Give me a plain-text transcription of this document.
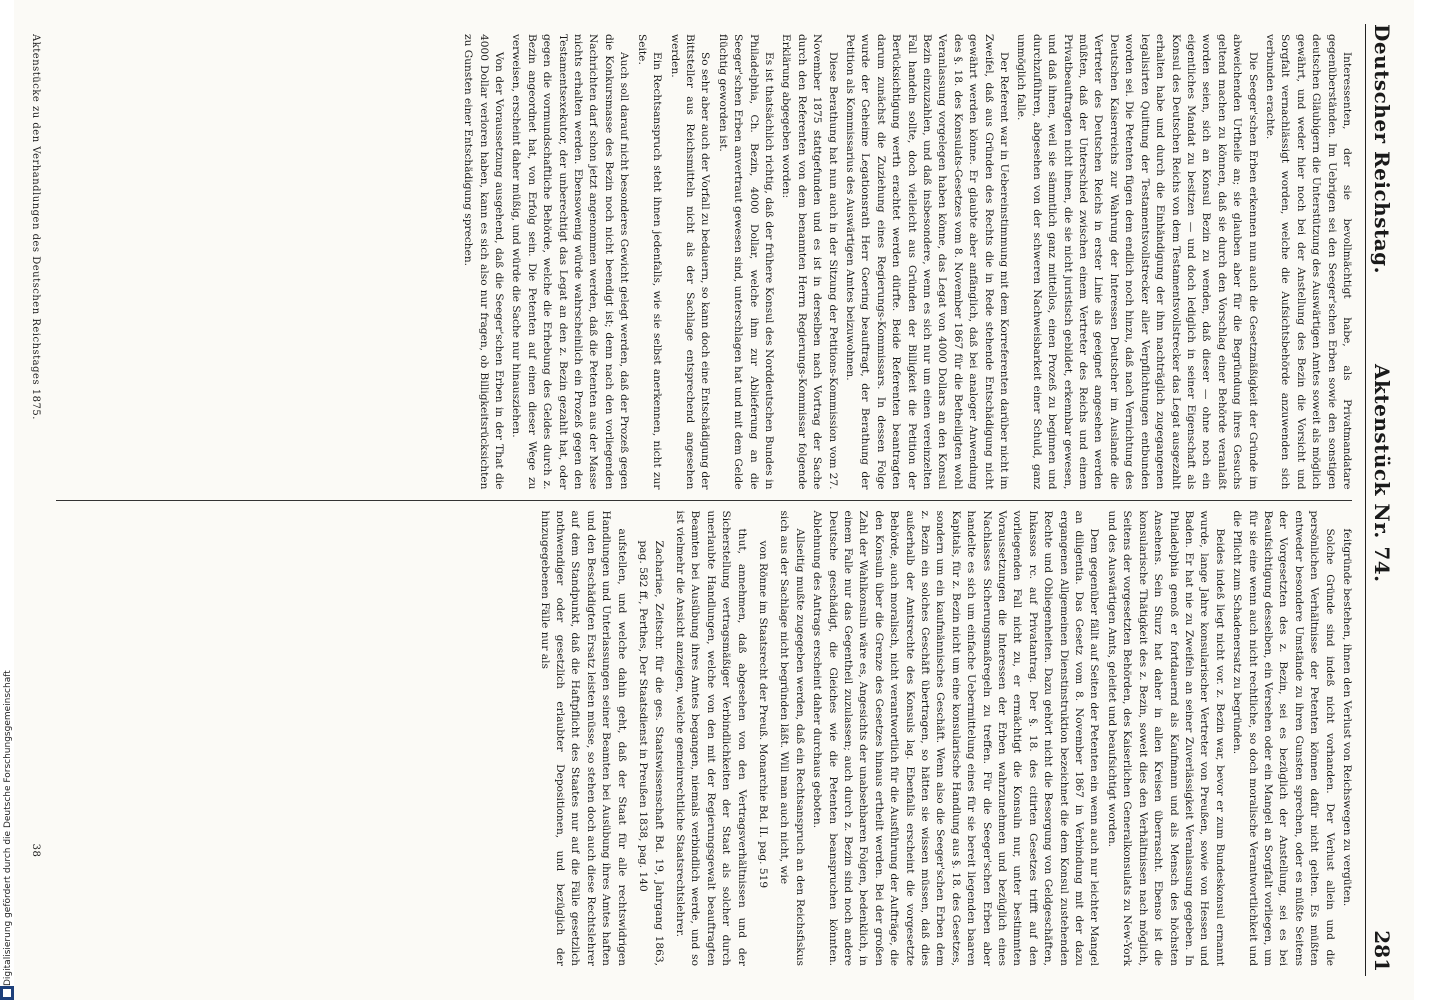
Digitalisierung gefördert durch die Deutsche Forschungsgemeinschaft
Deutscher Reichstag.
Aktenstück Nr. 74.
281

Interessenten, der sie bevollmächtigt habe, als Privatmandatare gegenüberständen. Im Uebrigen sei den Seeger'schen Erben sowie den sonstigen deutschen Gläubigern die Unterstützung des Auswärtigen Amtes soweit als möglich gewährt, und weder hier noch bei der Anstellung des Bezin die Vorsicht und Sorgfalt vernachlässigt worden, welche die Aufsichtsbehörde anzuwenden sich verbunden erachte.

Die Seeger'schen Erben erkennen nun auch die Gesetzmäßigkeit der Gründe im abweichenden Urtheile an; sie glauben aber für die Begründung ihres Gesuchs geltend machen zu können, daß sie durch den Vorschlag einer Behörde veranlaßt worden seien, sich an Konsul Bezin zu wenden, daß dieser — ohne noch ein eigentliches Mandat zu besitzen — und doch lediglich in seiner Eigenschaft als Konsul des Deutschen Reichs von dem Testamentsvollstrecker das Legat ausgezahlt erhalten habe und durch die Einhändigung der ihm nachträglich zugegangenen legalisirten Quittung der Testamentsvollstrecker aller Verpflichtungen entbunden worden sei. Die Petenten fügen dem endlich noch hinzu, daß nach Vernichtung des Deutschen Kaiserreichs zur Wahrung der Interessen Deutscher im Auslande die Vertreter des Deutschen Reichs in erster Linie als geeignet angesehen werden müßten, daß der Unterschied zwischen einem Vertreter des Reichs und einem Privatbeauftragten nicht ihnen, die sie nicht juristisch gebildet, erkennbar gewesen, und daß ihnen, weil sie sämmtlich ganz mittellos, einen Prozeß zu beginnen und durchzuführen, abgesehen von der schweren Nachweisbarkeit einer Schuld, ganz unmöglich falle.

Der Referent war in Uebereinstimmung mit dem Korreferenten darüber nicht im Zweifel, daß aus Gründen des Rechts die in Rede stehende Entschädigung nicht gewährt werden könne. Er glaubte aber anfänglich, daß bei analoger Anwendung des §. 18. des Konsulats-Gesetzes vom 8. November 1867 für die Betheiligten wohl Veranlassung vorgelegen haben könne, das Legat von 4000 Dollars an den Konsul Bezin einzuzahlen, und daß insbesondere, wenn es sich nur um einen vereinzelten Fall handeln sollte, doch vielleicht aus Gründen der Billigkeit die Petition der Berücksichtigung werth erachtet werden dürfte. Beide Referenten beantragten darum zunächst die Zuziehung eines Regierungs-Kommissars. In dessen Folge wurde der Geheime Legationsrath Herr Goering beauftragt, der Berathung der Petition als Kommissarius des Auswärtigen Amtes beizuwohnen.

Diese Berathung hat nun auch in der Sitzung der Petitions-Kommission vom 27. November 1875 stattgefunden und es ist in derselben nach Vortrag der Sache durch den Referenten von dem benannten Herrn Regierungs-Kommissar folgende Erklärung abgegeben worden:

Es ist thatsächlich richtig, daß der frühere Konsul des Norddeutschen Bundes in Philadelphia, Ch. Bezin, 4000 Dollar, welche ihm zur Ablieferung an die Seeger'schen Erben anvertraut gewesen sind, unterschlagen hat und mit dem Gelde flüchtig geworden ist.

So sehr aber auch der Vorfall zu bedauern, so kann doch eine Entschädigung der Bittsteller aus Reichsmitteln nicht als der Sachlage entsprechend angesehen werden.

Ein Rechtsanspruch steht ihnen jedenfalls, wie sie selbst anerkennen, nicht zur Seite.

Auch soll darauf nicht besonderes Gewicht gelegt werden, daß der Prozeß gegen die Konkursmasse des Bezin noch nicht beendigt ist; denn nach den vorliegenden Nachrichten darf schon jetzt angenommen werden, daß die Petenten aus der Masse nichts erhalten werden. Ebensowenig würde wahrscheinlich ein Prozeß gegen den Testamentsexekutor, der unberechtigt das Legat an den z. Bezin gezahlt hat, oder gegen die vormundschaftliche Behörde, welche die Erhebung des Geldes durch z. Bezin angeordnet hat, von Erfolg sein. Die Petenten auf einen dieser Wege zu verweisen, erscheint daher müßig, und würde die Sache nur hinausziehen.

Von der Voraussetzung ausgehend, daß die Seeger'schen Erben in der That die 4000 Dollar verloren haben, kann es sich also nur fragen, ob Billigkeitsrücksichten zu Gunsten einer Entschädigung sprechen.

feitgründe bestehen, ihnen den Verlust von Reichswegen zu vergüten.

Solche Gründe sind indeß nicht vorhanden. Der Verlust allein und die persönlichen Verhältnisse der Petenten können dafür nicht gelten. Es müßten entweder besondere Umstände zu ihren Gunsten sprechen, oder es müßte Seitens der Vorgesetzten des z. Bezin, sei es bezüglich der Anstellung, sei es bei Beaufsichtigung desselben, ein Versehen oder ein Mangel an Sorgfalt vorliegen, um für sie eine wenn auch nicht rechtliche, so doch moralische Verantwortlichkeit und die Pflicht zum Schadenersatz zu begründen.

Beides indeß liegt nicht vor. z. Bezin war, bevor er zum Bundeskonsul ernannt wurde, lange Jahre konsularischer Vertreter von Preußen, sowie von Hessen und Baden. Er hat nie zu Zweifeln an seiner Zuverlässigkeit Veranlassung gegeben. In Philadelphia genoß er fortdauernd als Kaufmann und als Mensch des höchsten Ansehens. Sein Sturz hat daher in allen Kreisen überrascht. Ebenso ist die konsularische Thätigkeit des z. Bezin, soweit dies den Verhältnissen nach möglich, Seitens der vorgesetzten Behörden, des Kaiserlichen Generalkonsulats zu New-York und des Auswärtigen Amts, geleitet und beaufsichtigt worden.

Dem gegenüber fällt auf Seiten der Petenten ein wenn auch nur leichter Mangel an diligentia. Das Gesetz vom 8. November 1867 in Verbindung mit der dazu ergangenen Allgemeinen Dienstinstruktion bezeichnet die dem Konsul zustehenden Rechte und Obliegenheiten. Dazu gehört nicht die Besorgung von Geldgeschäften, Inkassos rc. auf Privatantrag. Der §. 18. des citirten Gesetzes trifft auf den vorliegenden Fall nicht zu, er ermächtigt die Konsuln nur, unter bestimmten Voraussetzungen die Interessen der Erben wahrzunehmen und bezüglich eines Nachlasses Sicherungsmaßregeln zu treffen. Für die Seeger'schen Erben aber handelte es sich um einfache Uebermittelung eines für sie bereit liegenden baaren Kapitals, für z. Bezin nicht um eine konsularische Handlung aus §. 18. des Gesetzes, sondern um ein kaufmännisches Geschäft. Wenn also die Seeger'schen Erben dem z. Bezin ein solches Geschäft übertragen, so hätten sie wissen müssen, daß dies außerhalb der Amtsrechte des Konsuls lag. Ebenfalls erscheint die vorgesetzte Behörde, auch moralisch, nicht verantwortlich für die Ausführung der Aufträge, die den Konsuln über die Grenze des Gesetzes hinaus ertheilt werden. Bei der großen Zahl der Wahlkonsuln wäre es, Angesichts der unabsehbaren Folgen, bedenklich, in einem Falle nur das Gegentheil zuzulassen; auch durch z. Bezin sind noch andere Deutsche geschädigt, die Gleiches wie die Petenten beanspruchen könnten. Ablehnung des Antrags erscheint daher durchaus geboten.

Allseitig mußte zugegeben werden, daß ein Rechtsanspruch an den Reichsfiskus sich aus der Sachlage nicht begründen läßt. Will man auch nicht, wie

von Rönne im Staatsrecht der Preuß. Monarchie Bd. II. pag. 519

thut, annehmen, daß abgesehen von den Vertragsverhältnissen und der Sicherstellung vertragsmäßiger Verbindlichkeiten der Staat als solcher durch unerlaubte Handlungen, welche von den mit der Regierungsgewalt beauftragten Beamten bei Ausübung ihres Amtes begangen, niemals verbindlich werde, und so ist vielmehr die Ansicht anzeigen, welche gemeinrechtliche Staatsrechtslehrer.

Zachariae, Zeitschr. für die ges. Staatswissenschaft Bd. 19, Jahrgang 1863, pag. 582 ff., Perthes, Der Staatsdienst in Preußen 1838, pag. 140

aufstellen, und welche dahin geht, daß der Staat für alle rechtswidrigen Handlungen und Unterlassungen seiner Beamten bei Ausübung ihres Amtes haften und den Beschädigten Ersatz leisten müsse, so stehen doch auch diese Rechtslehrer auf dem Standpunkt, daß die Haftpflicht des Staates nur auf die Fälle gesetzlich nothwendiger oder gesetzlich erlaubter Depositionen, und bezüglich der hinzugegebenen Fälle nur als

Aktenstücke zu den Verhandlungen des Deutschen Reichstages 1875. 38
